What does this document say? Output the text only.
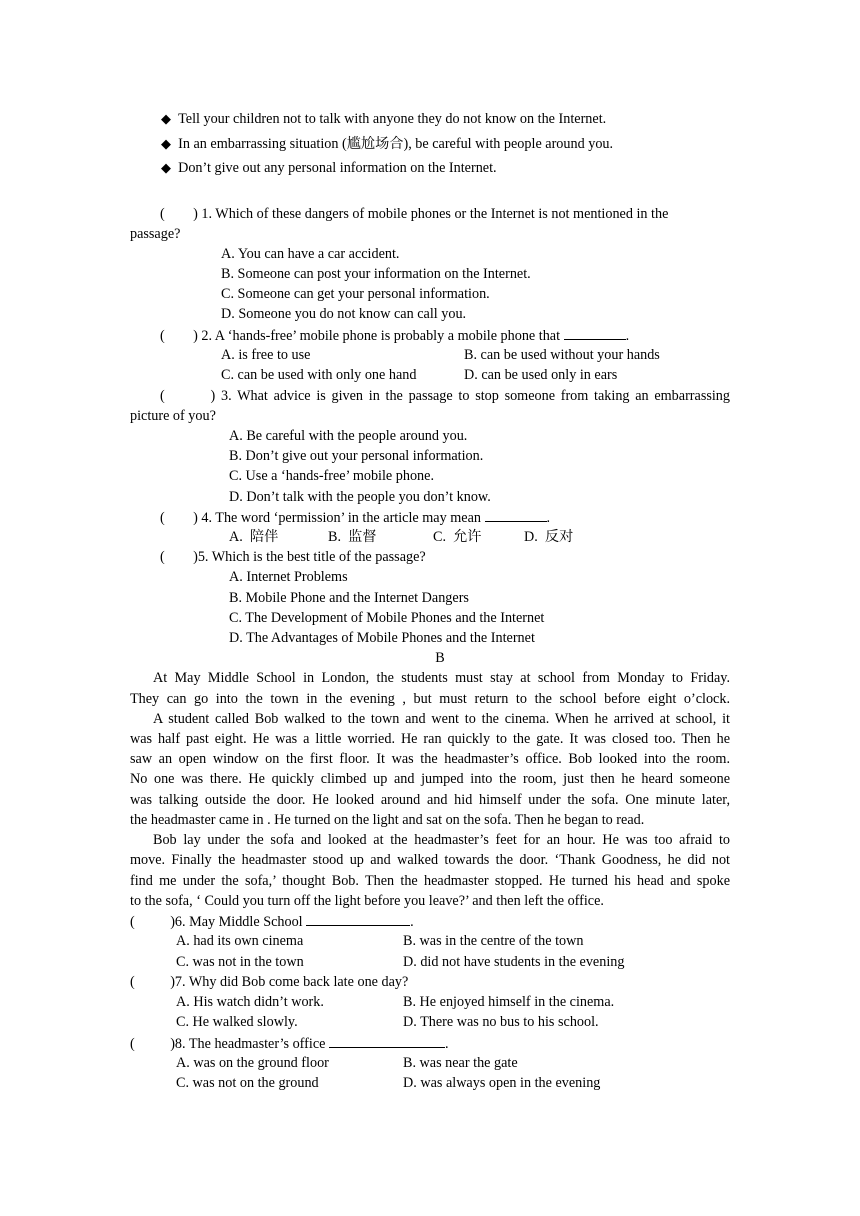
◆ Tell your children not to talk with anyone they do not know on the Internet.
◆ In an embarrassing situation (尴尬场合), be careful with people around you.
◆ Don’t give out any personal information on the Internet.
(        ) 1. Which of these dangers of mobile phones or the Internet is not mentioned in the
passage?
A. You can have a car accident.
B. Someone can post your information on the Internet.
C. Someone can get your personal information.
D. Someone you do not know can call you.
(        ) 2. A ‘hands-free’ mobile phone is probably a mobile phone that	.
A. is free to use	B. can be used without your hands
C. can be used with only one hand	D. can be used only in ears
(        ) 3. What advice is given in the passage to stop someone from taking an embarrassing
picture of you?
A. Be careful with the people around you.
B. Don’t give out your personal information.
C. Use a ‘hands-free’ mobile phone.
D. Don’t talk with the people you don’t know.
(        ) 4. The word ‘permission’ in the article may mean	.
A.  陪伴	B.  监督	C.  允许	D.  反对
(        )5. Which is the best title of the passage?
A. Internet Problems
B. Mobile Phone and the Internet Dangers
C. The Development of Mobile Phones and the Internet
D. The Advantages of Mobile Phones and the Internet
B
At May Middle School in London, the students must stay at school from Monday to Friday.
They can go into the town in the evening , but must return to the school before eight o’clock.
A student called Bob walked to the town and went to the cinema. When he arrived at school, it
was half past eight. He was a little worried. He ran quickly to the gate. It was closed too. Then he
saw an open window on the first floor. It was the headmaster’s office. Bob looked into the room.
No one was there. He quickly climbed up and jumped into the room, just then he heard someone
was talking outside the door. He looked around and hid himself under the sofa. One minute later,
the headmaster came in . He turned on the light and sat on the sofa. Then he began to read.
Bob lay under the sofa and looked at the headmaster’s feet for an hour. He was too afraid to
move. Finally the headmaster stood up and walked towards the door. ‘Thank Goodness, he did not
find me under the sofa,’ thought Bob. Then the headmaster stopped. He turned his head and spoke
to the sofa, ‘ Could you turn off the light before you leave?’ and then left the office.
(          )6. May Middle School	.
A. had its own cinema	B. was in the centre of the town
C. was not in the town	D. did not have students in the evening
(          )7. Why did Bob come back late one day?
A. His watch didn’t work.	B. He enjoyed himself in the cinema.
C. He walked slowly.	D. There was no bus to his school.
(          )8. The headmaster’s office	.
A. was on the ground floor	B. was near the gate
C. was not on the ground	D. was always open in the evening
